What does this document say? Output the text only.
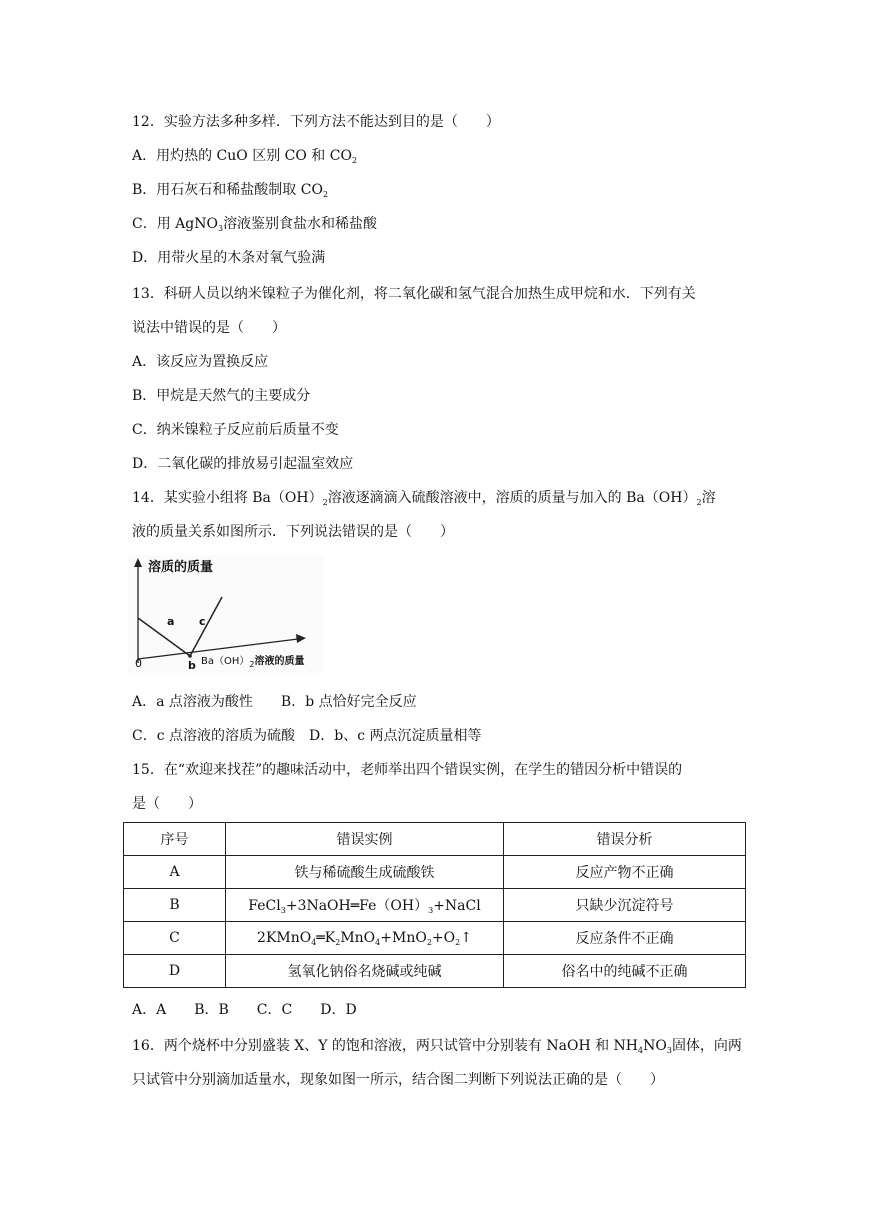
12．实验方法多种多样．下列方法不能达到目的是（　　）
A．用灼热的 CuO 区别 CO 和 $CO_2$
B．用石灰石和稀盐酸制取 $CO_2$
C．用 AgNO$_3$溶液鉴别食盐水和稀盐酸
D．用带火星的木条对氧气验满
13．科研人员以纳米镍粒子为催化剂，将二氧化碳和氢气混合加热生成甲烷和水．下列有关
说法中错误的是（　　）
A．该反应为置换反应
B．甲烷是天然气的主要成分
C．纳米镍粒子反应前后质量不变
D．二氧化碳的排放易引起温室效应
14．某实验小组将 $Ba(OH)_2$溶液逐滴滴入硫酸溶液中，溶质的质量与加入的 $Ba(OH)_2$溶
液的质量关系如图所示．下列说法错误的是（　　）
溶质的质量
a c
b
0	$Ba(OH)_2$溶液的质量
A．a 点溶液为酸性　　B．b 点恰好完全反应
C．c 点溶液的溶质为硫酸　D．b、c 两点沉淀质量相等
15．在“欢迎来找茬”的趣味活动中，老师举出四个错误实例，在学生的错因分析中错误的
是（　　）
序号	错误实例	错误分析
A	铁与稀硫酸生成硫酸铁	反应产物不正确
B	$FeCl_3+3NaOH═Fe(OH)_3+NaCl$	只缺少沉淀符号
C	$2KMnO_4═K_2MnO_4+MnO_2+O_2↑$	反应条件不正确
D	氢氧化钠俗名烧碱或纯碱	俗名中的纯碱不正确
A．A　　B．B　　C．C　　D．D
16．两个烧杯中分别盛装 X、Y 的饱和溶液，两只试管中分别装有 NaOH 和 $NH_4NO_3$固体，向两
只试管中分别滴加适量水，现象如图一所示，结合图二判断下列说法正确的是（　　）
